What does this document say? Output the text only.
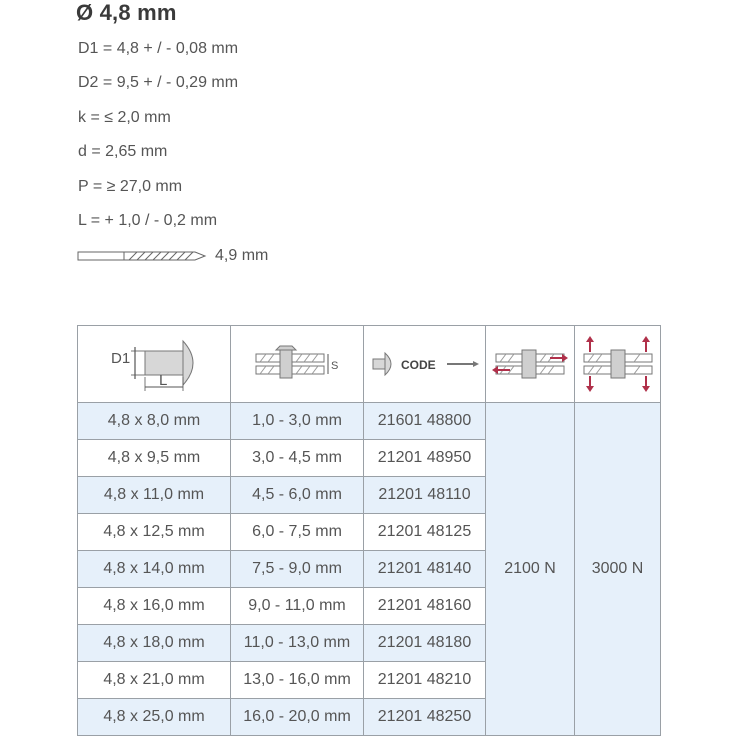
Ø 4,8 mm
D1 = 4,8 + / - 0,08 mm
D2 = 9,5 + / - 0,29 mm
k = ≤ 2,0 mm
d = 2,65 mm
P = ≥ 27,0 mm
L = + 1,0 / - 0,2 mm
4,9 mm
D1
L	S	CODE

4,8 x 8,0 mm	1,0 - 3,0 mm	21601 48800	2100 N	3000 N
4,8 x 9,5 mm	3,0 - 4,5 mm	21201 48950		
4,8 x 11,0 mm	4,5 - 6,0 mm	21201 48110		
4,8 x 12,5 mm	6,0 - 7,5 mm	21201 48125		
4,8 x 14,0 mm	7,5 - 9,0 mm	21201 48140		
4,8 x 16,0 mm	9,0 - 11,0 mm	21201 48160		
4,8 x 18,0 mm	11,0 - 13,0 mm	21201 48180		
4,8 x 21,0 mm	13,0 - 16,0 mm	21201 48210		
4,8 x 25,0 mm	16,0 - 20,0 mm	21201 48250		
